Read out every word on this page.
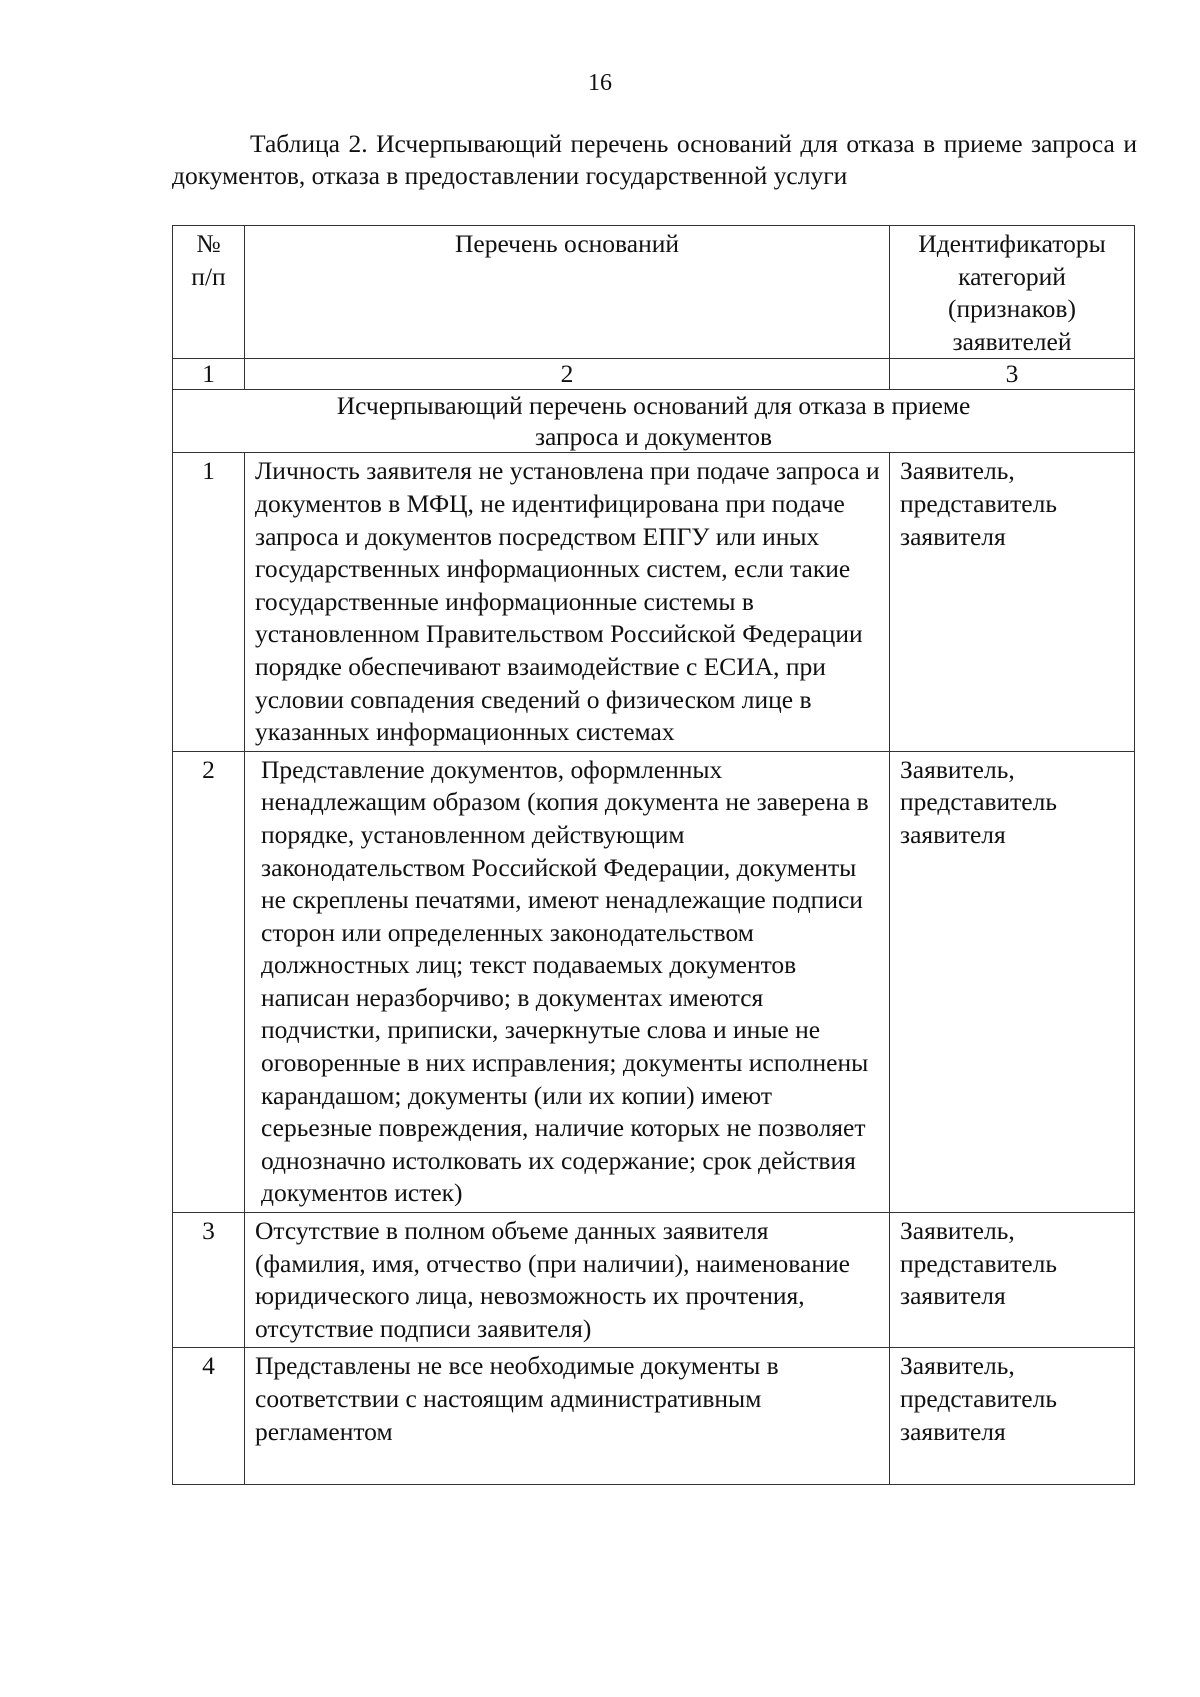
16
Таблица 2. Исчерпывающий перечень оснований для отказа в приеме запроса и документов, отказа в предоставлении государственной услуги
№ п/п	Перечень оснований	Идентификаторы категорий (признаков) заявителей

1	2	3

Исчерпывающий перечень оснований для отказа в приеме запроса и документов		

1	Личность заявителя не установлена при подаче запроса и документов в МФЦ, не идентифицирована при подаче запроса и документов посредством ЕПГУ или иных государственных информационных систем, если такие государственные информационные системы в установленном Правительством Российской Федерации порядке обеспечивают взаимодействие с ЕСИА, при условии совпадения сведений о физическом лице в указанных информационных системах	Заявитель, представитель заявителя

2	Представление документов, оформленных ненадлежащим образом (копия документа не заверена в порядке, установленном действующим законодательством Российской Федерации, документы не скреплены печатями, имеют ненадлежащие подписи сторон или определенных законодательством должностных лиц; текст подаваемых документов написан неразборчиво; в документах имеются подчистки, приписки, зачеркнутые слова и иные не оговоренные в них исправления; документы исполнены карандашом; документы (или их копии) имеют серьезные повреждения, наличие которых не позволяет однозначно истолковать их содержание; срок действия документов истек)	Заявитель, представитель заявителя

3	Отсутствие в полном объеме данных заявителя (фамилия, имя, отчество (при наличии), наименование юридического лица, невозможность их прочтения, отсутствие подписи заявителя)	Заявитель, представитель заявителя

4	Представлены не все необходимые документы в соответствии с настоящим административным регламентом	Заявитель, представитель заявителя
